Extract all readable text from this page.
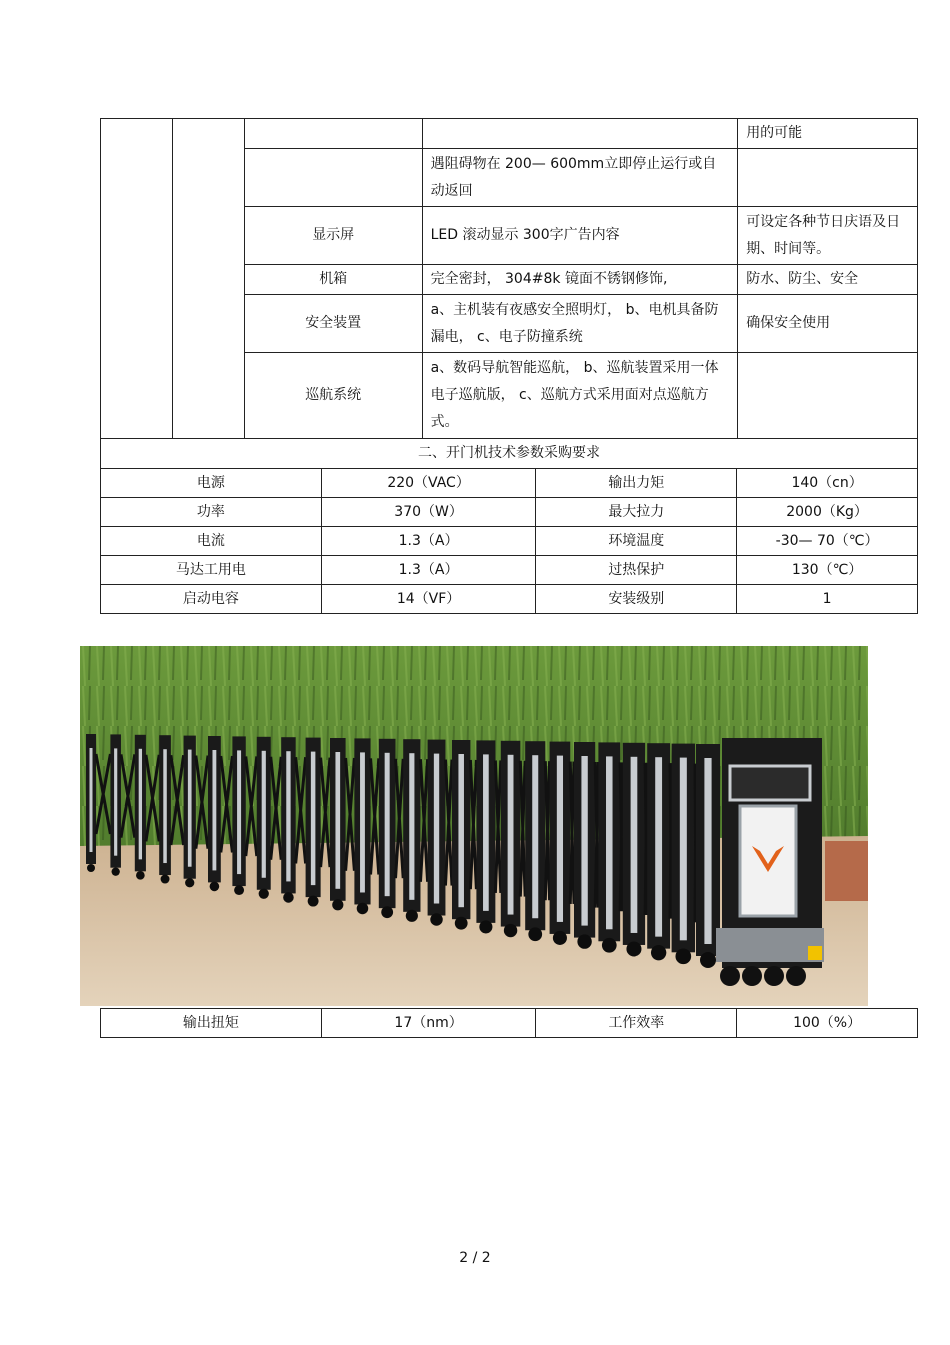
				用的可能
			遇阻碍物在 200— 600mm立即停止运行或自动返回	
		显示屏	LED 滚动显示 300字广告内容	可设定各种节日庆语及日期、时间等。
		机箱	完全密封， 304#8k 镜面不锈钢修饰,	防水、防尘、安全
		安全装置	a、主机装有夜感安全照明灯， b、电机具备防漏电， c、电子防撞系统	确保安全使用
		巡航系统	a、数码导航智能巡航， b、巡航装置采用一体电子巡航版， c、巡航方式采用面对点巡航方式。	
二、开门机技术参数采购要求				
电源	220（VAC）	输出力矩	140（cn）
功率	370（W）	最大拉力	2000（Kg）
电流	1.3（A）	环境温度	-30— 70（℃）
马达工用电	1.3（A）	过热保护	130（℃）
启动电容	14（VF）	安装级别	1
输出扭矩	17（nm）	工作效率	100（%）
2 / 2
